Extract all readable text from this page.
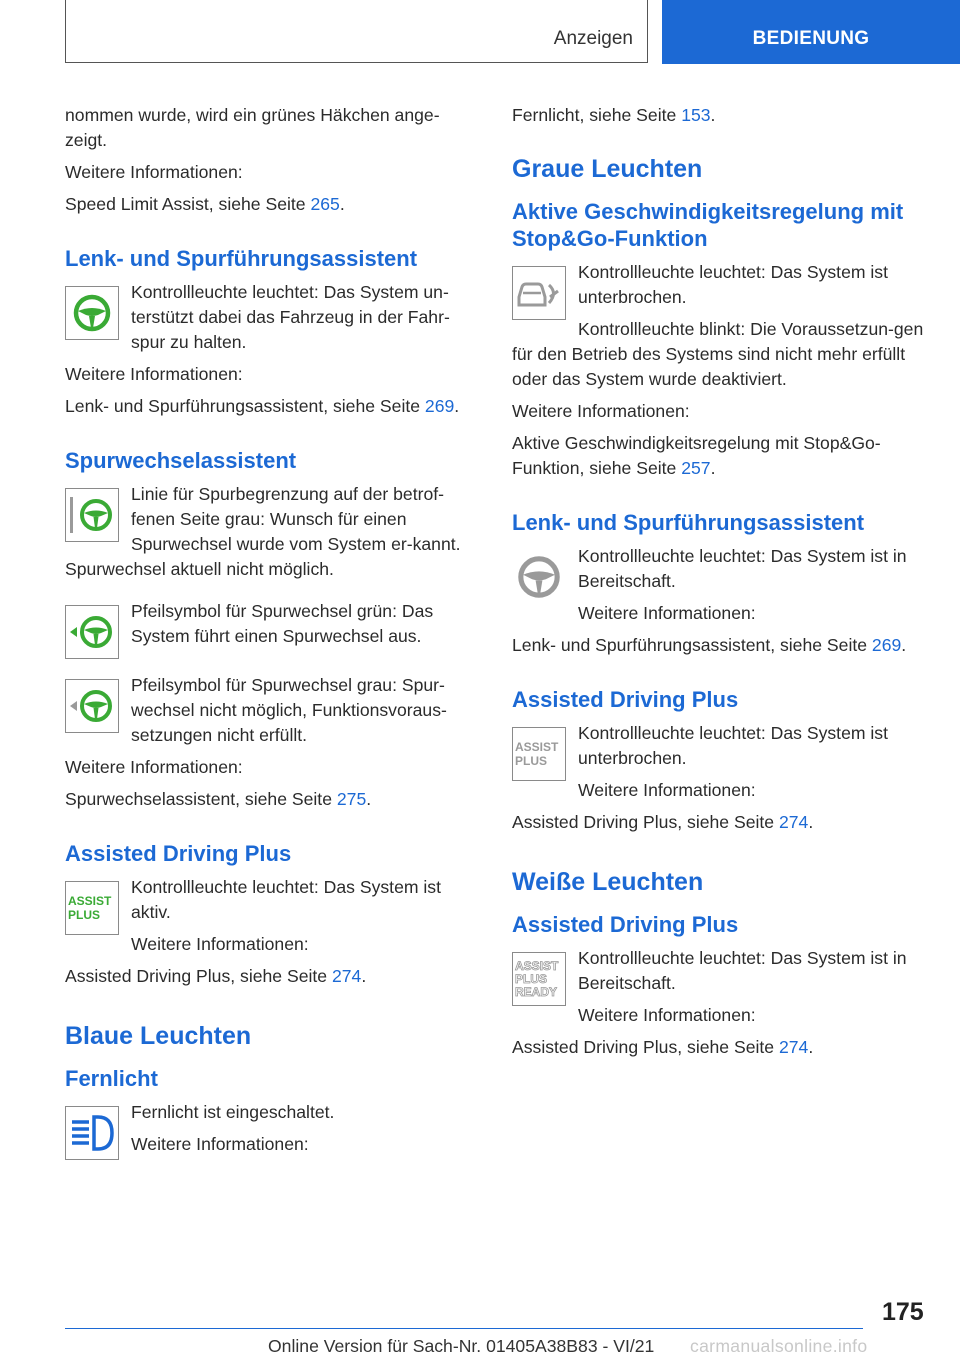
Anzeigen	BEDIENUNG

nommen wurde, wird ein grünes Häkchen ange-
zeigt.

Weitere Informationen:

Speed Limit Assist, siehe Seite 265.

Lenk- und Spurführungsassistent

Kontrollleuchte leuchtet: Das System un-terstützt dabei das Fahrzeug in der Fahr-spur zu halten.

Weitere Informationen:

Lenk- und Spurführungsassistent, siehe Seite 269.

Spurwechselassistent

Linie für Spurbegrenzung auf der betrof-fenen Seite grau: Wunsch für einen Spurwechsel wurde vom System er-kannt. Spurwechsel aktuell nicht möglich.

Pfeilsymbol für Spurwechsel grün: Das System führt einen Spurwechsel aus.

Pfeilsymbol für Spurwechsel grau: Spur-wechsel nicht möglich, Funktionsvoraus-setzungen nicht erfüllt.

Weitere Informationen:

Spurwechselassistent, siehe Seite 275.

Assisted Driving Plus
ASSIST PLUS

Kontrollleuchte leuchtet: Das System ist aktiv.

Weitere Informationen:

Assisted Driving Plus, siehe Seite 274.

Blaue Leuchten
Fernlicht

Fernlicht ist eingeschaltet.

Weitere Informationen:

Fernlicht, siehe Seite 153.

Graue Leuchten
Aktive Geschwindigkeitsregelung mit Stop&Go-Funktion

Kontrollleuchte leuchtet: Das System ist unterbrochen.

Kontrollleuchte blinkt: Die Voraussetzun-gen für den Betrieb des Systems sind nicht mehr erfüllt oder das System wurde deaktiviert.

Weitere Informationen:

Aktive Geschwindigkeitsregelung mit Stop&Go-Funktion, siehe Seite 257.

Lenk- und Spurführungsassistent

Kontrollleuchte leuchtet: Das System ist in Bereitschaft.

Weitere Informationen:

Lenk- und Spurführungsassistent, siehe Seite 269.

Assisted Driving Plus
ASSIST PLUS

Kontrollleuchte leuchtet: Das System ist unterbrochen.

Weitere Informationen:

Assisted Driving Plus, siehe Seite 274.

Weiße Leuchten
Assisted Driving Plus
ASSIST PLUS READY

Kontrollleuchte leuchtet: Das System ist in Bereitschaft.

Weitere Informationen:

Assisted Driving Plus, siehe Seite 274.

175
Online Version für Sach-Nr. 01405A38B83 - VI/21	carmanualsonline.info
